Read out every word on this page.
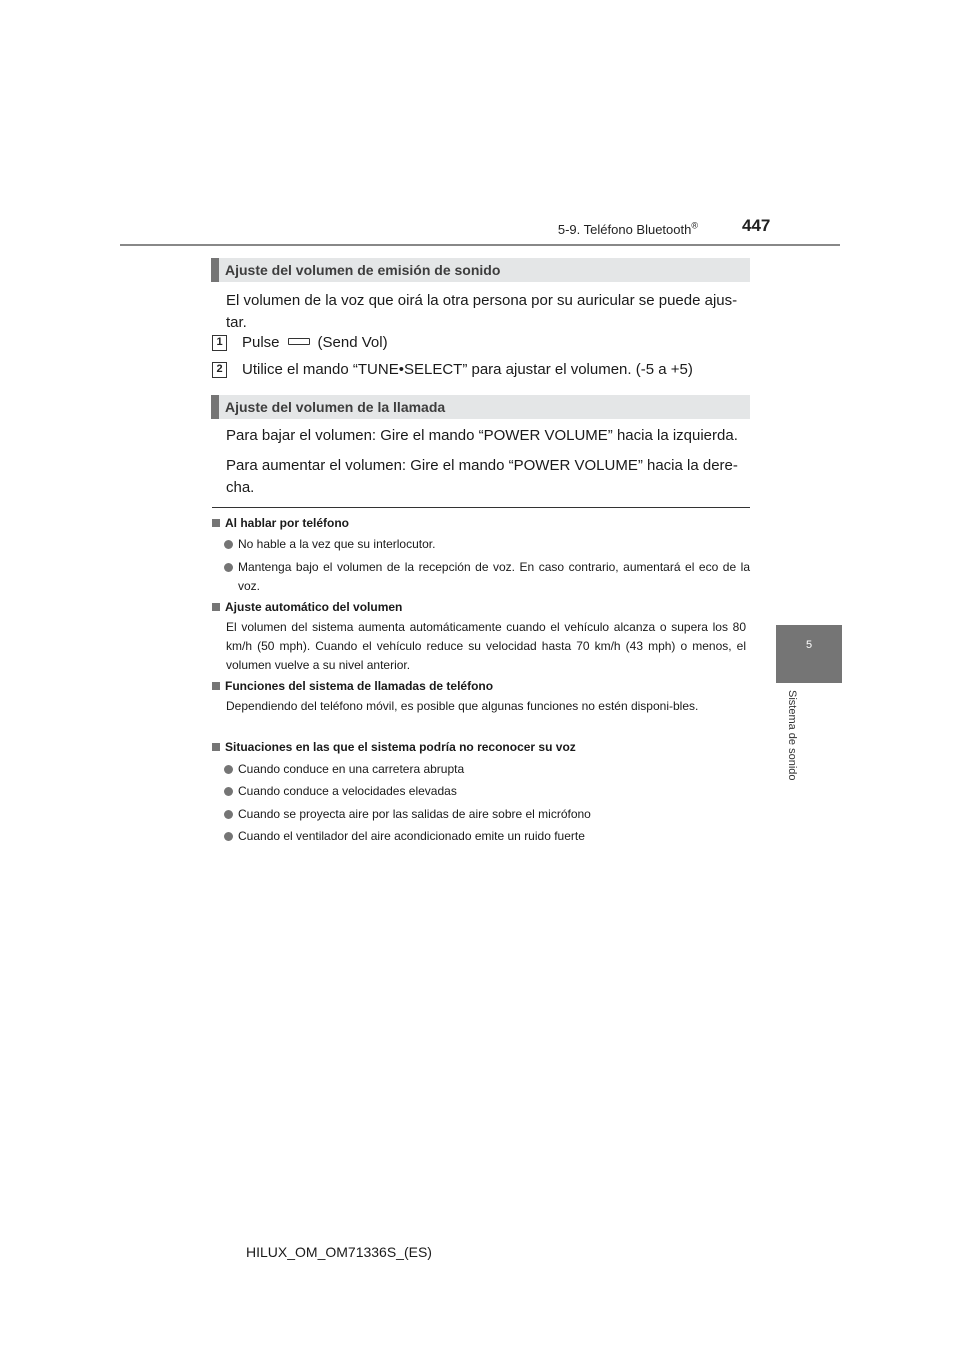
5-9. Teléfono Bluetooth®	447
5
Sistema de sonido
Ajuste del volumen de emisión de sonido
El volumen de la voz que oirá la otra persona por su auricular se puede ajus-
tar.
1 Pulse	(Send Vol)
2 Utilice el mando “TUNE•SELECT” para ajustar el volumen. (-5 a +5)
Ajuste del volumen de la llamada
Para bajar el volumen: Gire el mando “POWER VOLUME” hacia la izquierda.
Para aumentar el volumen: Gire el mando “POWER VOLUME” hacia la dere-
cha.
Al hablar por teléfono
No hable a la vez que su interlocutor.
Mantenga bajo el volumen de la recepción de voz. En caso contrario, aumentará el eco de la voz.
Ajuste automático del volumen
El volumen del sistema aumenta automáticamente cuando el vehículo alcanza o supera los 80 km/h (50 mph). Cuando el vehículo reduce su velocidad hasta 70 km/h (43 mph) o menos, el volumen vuelve a su nivel anterior.
Funciones del sistema de llamadas de teléfono
Dependiendo del teléfono móvil, es posible que algunas funciones no estén disponi-bles.
Situaciones en las que el sistema podría no reconocer su voz
Cuando conduce en una carretera abrupta
Cuando conduce a velocidades elevadas
Cuando se proyecta aire por las salidas de aire sobre el micrófono
Cuando el ventilador del aire acondicionado emite un ruido fuerte
HILUX_OM_OM71336S_(ES)
